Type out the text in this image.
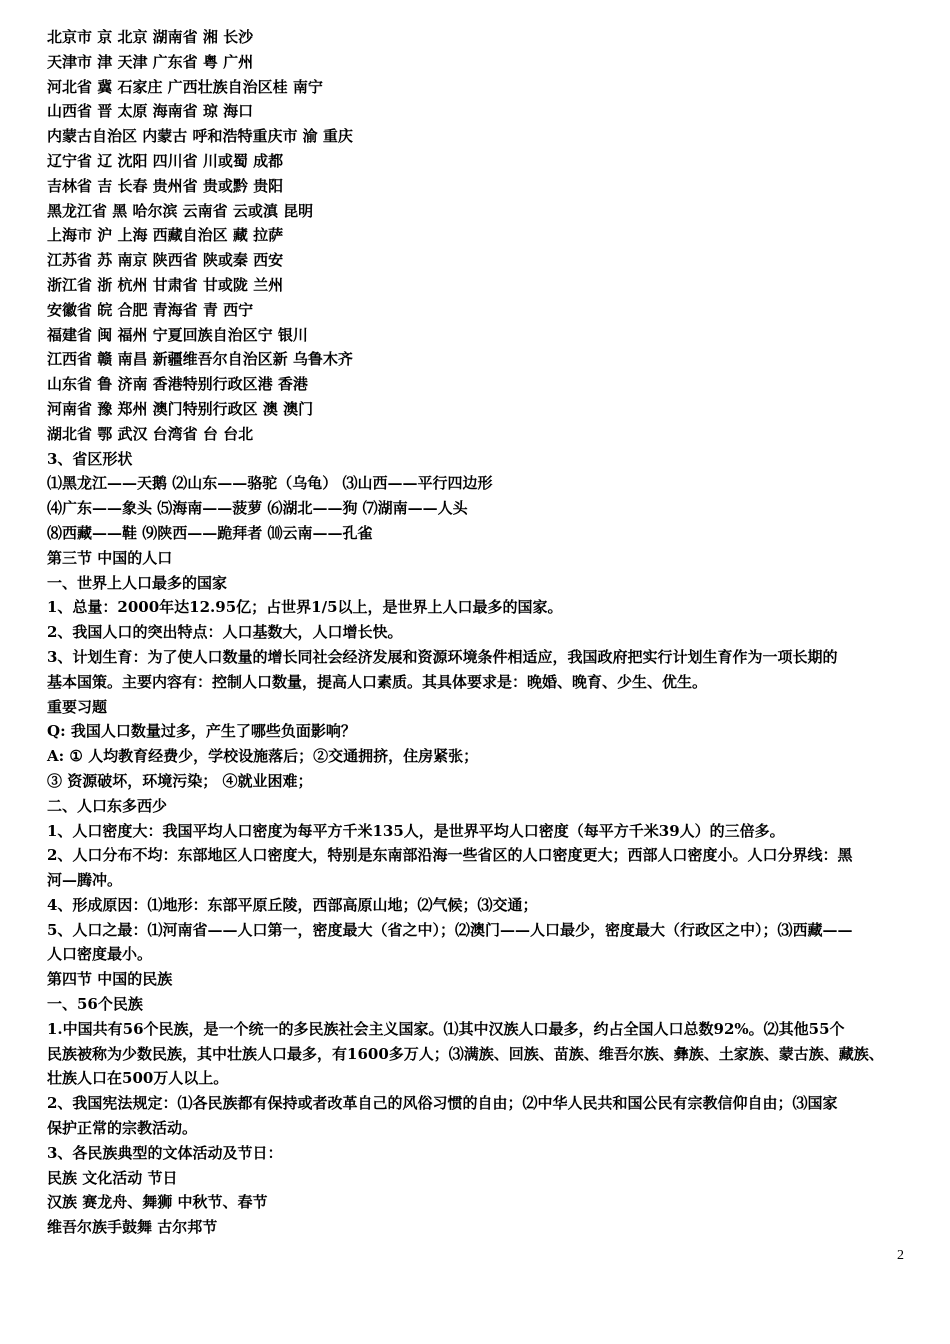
北京市 京 北京 湖南省 湘 长沙
天津市 津 天津 广东省 粤 广州
河北省 冀 石家庄 广西壮族自治区桂 南宁
山西省 晋 太原 海南省 琼 海口
内蒙古自治区 内蒙古 呼和浩特重庆市 渝 重庆
辽宁省 辽 沈阳 四川省 川或蜀 成都
吉林省 吉 长春 贵州省 贵或黔 贵阳
黑龙江省 黑 哈尔滨 云南省 云或滇 昆明
上海市 沪 上海 西藏自治区 藏 拉萨
江苏省 苏 南京 陕西省 陕或秦 西安
浙江省 浙 杭州 甘肃省 甘或陇 兰州
安徽省 皖 合肥 青海省 青 西宁
福建省 闽 福州 宁夏回族自治区宁 银川
江西省 赣 南昌 新疆维吾尔自治区新 乌鲁木齐
山东省 鲁 济南 香港特别行政区港 香港
河南省 豫 郑州 澳门特别行政区 澳 澳门
湖北省 鄂 武汉 台湾省 台 台北
3、省区形状
⑴黑龙江——天鹅 ⑵山东——骆驼（乌龟） ⑶山西——平行四边形
⑷广东——象头 ⑸海南——菠萝 ⑹湖北——狗 ⑺湖南——人头
⑻西藏——鞋 ⑼陕西——跪拜者 ⑽云南——孔雀
第三节 中国的人口
一、世界上人口最多的国家
1、总量：2000年达12.95亿；占世界1/5以上，是世界上人口最多的国家。
2、我国人口的突出特点：人口基数大，人口增长快。
3、计划生育：为了使人口数量的增长同社会经济发展和资源环境条件相适应，我国政府把实行计划生育作为一项长期的
基本国策。主要内容有：控制人口数量，提高人口素质。其具体要求是：晚婚、晚育、少生、优生。
重要习题
Q: 我国人口数量过多，产生了哪些负面影响？
A: ① 人均教育经费少，学校设施落后；②交通拥挤，住房紧张；
③ 资源破坏，环境污染； ④就业困难；
二、人口东多西少
1、人口密度大：我国平均人口密度为每平方千米135人，是世界平均人口密度（每平方千米39人）的三倍多。
2、人口分布不均：东部地区人口密度大，特别是东南部沿海一些省区的人口密度更大；西部人口密度小。人口分界线：黑
河—腾冲。
4、形成原因：⑴地形：东部平原丘陵，西部高原山地；⑵气候；⑶交通；
5、人口之最：⑴河南省——人口第一，密度最大（省之中）；⑵澳门——人口最少，密度最大（行政区之中）；⑶西藏——
人口密度最小。
第四节 中国的民族
一、56个民族
1.中国共有56个民族，是一个统一的多民族社会主义国家。⑴其中汉族人口最多，约占全国人口总数92%。⑵其他55个
民族被称为少数民族，其中壮族人口最多，有1600多万人；⑶满族、回族、苗族、维吾尔族、彝族、土家族、蒙古族、藏族、
壮族人口在500万人以上。
2、我国宪法规定：⑴各民族都有保持或者改革自己的风俗习惯的自由；⑵中华人民共和国公民有宗教信仰自由；⑶国家
保护正常的宗教活动。
3、各民族典型的文体活动及节日：
民族 文化活动 节日
汉族 赛龙舟、舞狮 中秋节、春节
维吾尔族手鼓舞 古尔邦节
2
